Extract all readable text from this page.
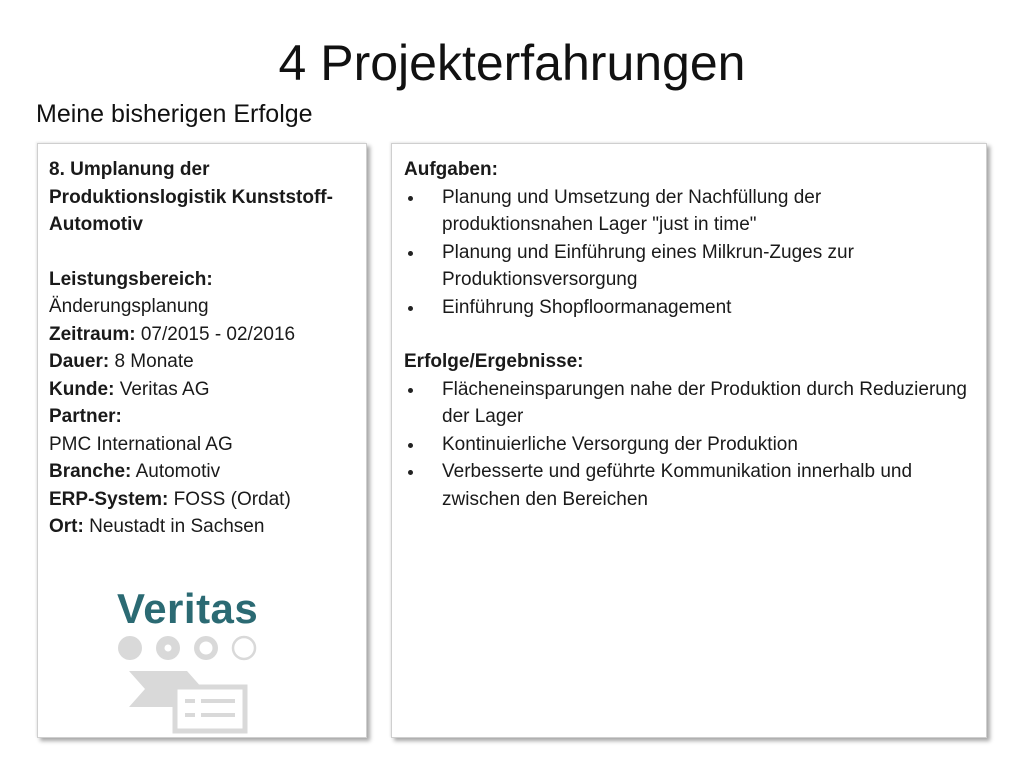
4 Projekterfahrungen
Meine bisherigen Erfolge
8. Umplanung der Produktionslogistik Kunststoff-Automotiv
Leistungsbereich:
Änderungsplanung
Zeitraum: 07/2015 - 02/2016
Dauer: 8 Monate
Kunde: Veritas AG
Partner:
PMC International AG
Branche: Automotiv
ERP-System: FOSS (Ordat)
Ort: Neustadt in Sachsen
Veritas
Aufgaben:
Planung und Umsetzung der Nachfüllung der produktionsnahen Lager "just in time"
Planung und Einführung eines Milkrun-Zuges zur Produktionsversorgung
Einführung Shopfloormanagement
Erfolge/Ergebnisse:
Flächeneinsparungen nahe der Produktion durch Reduzierung der Lager
Kontinuierliche Versorgung der Produktion
Verbesserte und geführte Kommunikation innerhalb und zwischen den Bereichen
